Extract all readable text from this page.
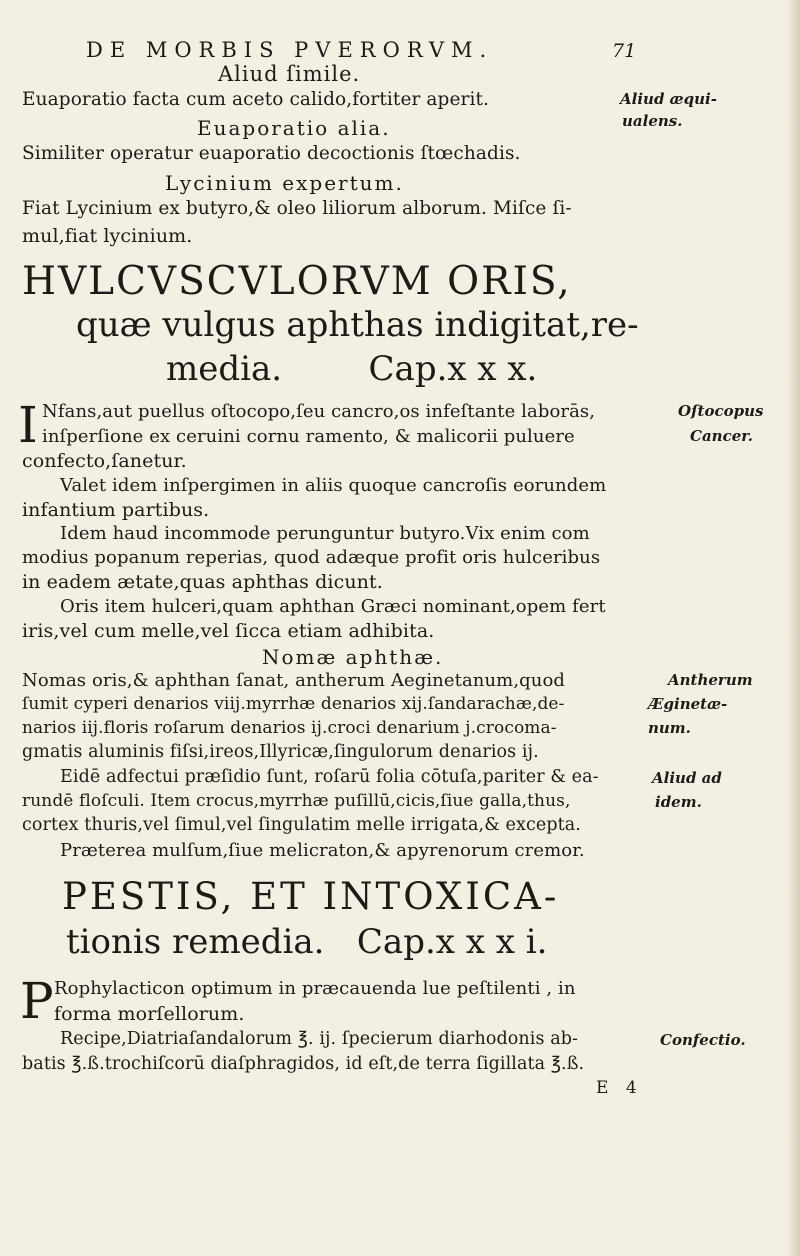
DE MORBIS PVERORVM.	71
Aliud ſimile.
Euaporatio facta cum aceto calido,fortiter aperit.
Euaporatio alia.
Similiter operatur euaporatio decoctionis ſtœchadis.
Lycinium expertum.
Fiat Lycinium ex butyro,& oleo liliorum alborum. Miſce ſi-
mul,fiat lycinium.
Aliud æqui-
ualens.
HVLCVSCVLORVM ORIS,
quæ vulgus aphthas indigitat,re-
media.        Cap.x x x.
I Nfans,aut puellus oſtocopo,ſeu cancro,os infeſtante laborās,
inſperſione ex ceruini cornu ramento, & malicorii puluere
confecto,ſanetur.
Valet idem inſpergimen in aliis quoque cancroſis eorundem
infantium partibus.
Idem haud incommode perunguntur butyro.Vix enim com
modius popanum reperias, quod adæque profit oris hulceribus
in eadem ætate,quas aphthas dicunt.
Oris item hulceri,quam aphthan Græci nominant,opem fert
iris,vel cum melle,vel ſicca etiam adhibita.
Nomæ aphthæ.
Nomas oris,& aphthan ſanat, antherum Aeginetanum,quod
ſumit cyperi denarios viij.myrrhæ denarios xij.ſandarachæ,de-
narios iij.floris roſarum denarios ij.croci denarium j.crocoma-
gmatis aluminis fiſsi,ireos,Illyricæ,ſingulorum denarios ij.
Eidē adfectui præſidio ſunt, roſarū folia cōtuſa,pariter & ea-
rundē floſculi. Item crocus,myrrhæ puſillū,cicis,ſiue galla,thus,
cortex thuris,vel ſimul,vel ſingulatim melle irrigata,& excepta.
Præterea mulſum,ſiue melicraton,& apyrenorum cremor.
Oſtocopus
Cancer.
Antherum
Æginetæ-
num.
Aliud ad
idem.
PESTIS, ET INTOXICA-
tionis remedia.   Cap.x x x i.
P Rophylacticon optimum in præcauenda lue peſtilenti , in
forma morſellorum.
Recipe,Diatriaſandalorum ℥. ij. ſpecierum diarhodonis ab-
batis ℥.ß.trochiſcorū diaſphragidos, id eſt,de terra ſigillata ℥.ß.
E 4
Confectio.
